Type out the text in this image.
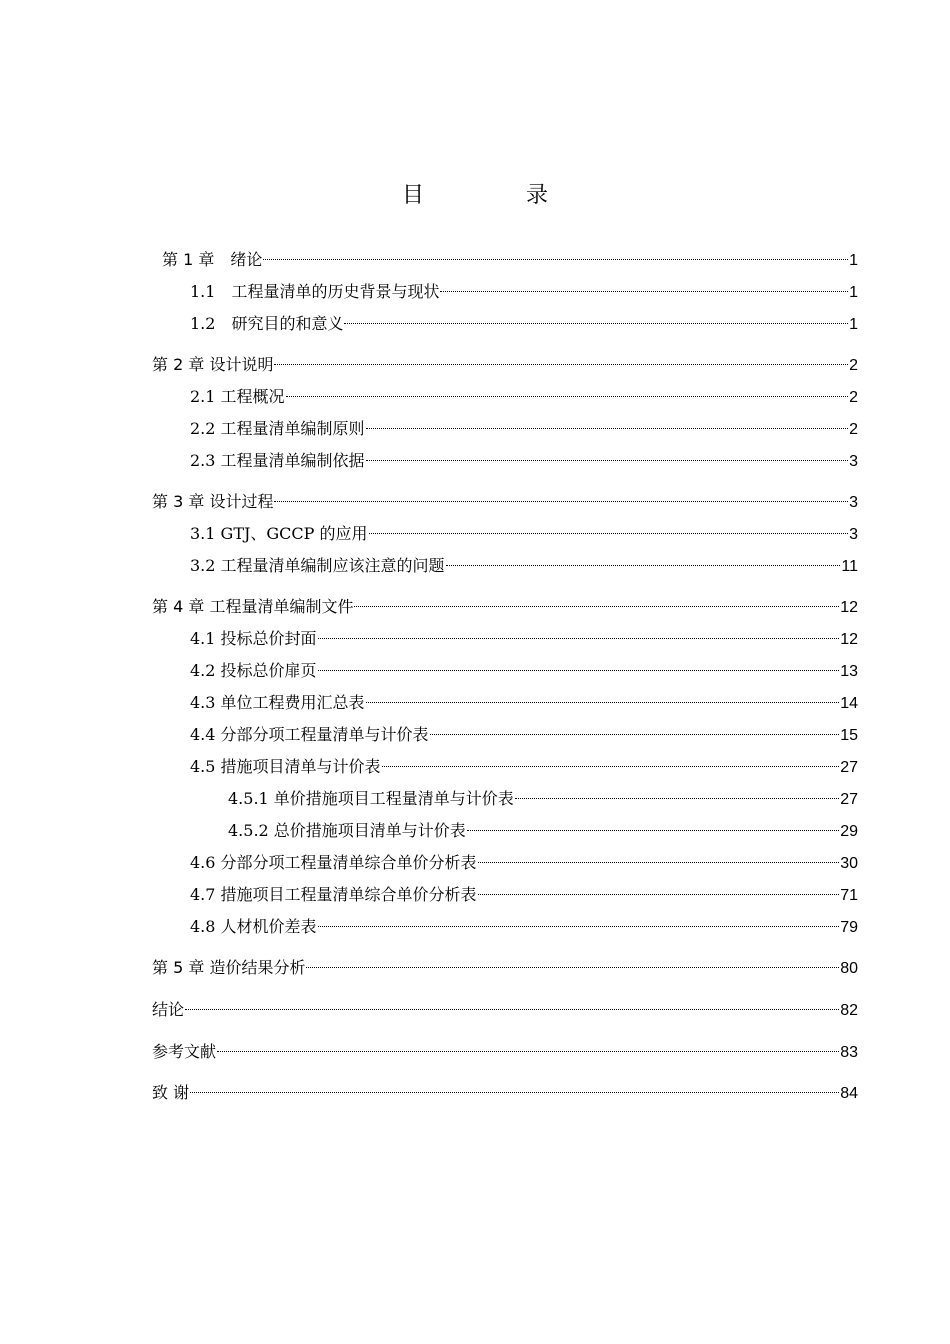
目　录
第 1 章　绪论	1
1.1　工程量清单的历史背景与现状	1
1.2　研究目的和意义	1
第 2 章 设计说明	2
2.1 工程概况	2
2.2 工程量清单编制原则	2
2.3 工程量清单编制依据	3
第 3 章 设计过程	3
3.1 GTJ、GCCP 的应用	3
3.2 工程量清单编制应该注意的问题	11
第 4 章 工程量清单编制文件	12
4.1 投标总价封面	12
4.2 投标总价扉页	13
4.3 单位工程费用汇总表	14
4.4 分部分项工程量清单与计价表	15
4.5 措施项目清单与计价表	27
4.5.1 单价措施项目工程量清单与计价表	27
4.5.2 总价措施项目清单与计价表	29
4.6 分部分项工程量清单综合单价分析表	30
4.7 措施项目工程量清单综合单价分析表	71
4.8 人材机价差表	79
第 5 章 造价结果分析	80
结论	82
参考文献	83
致 谢	84
